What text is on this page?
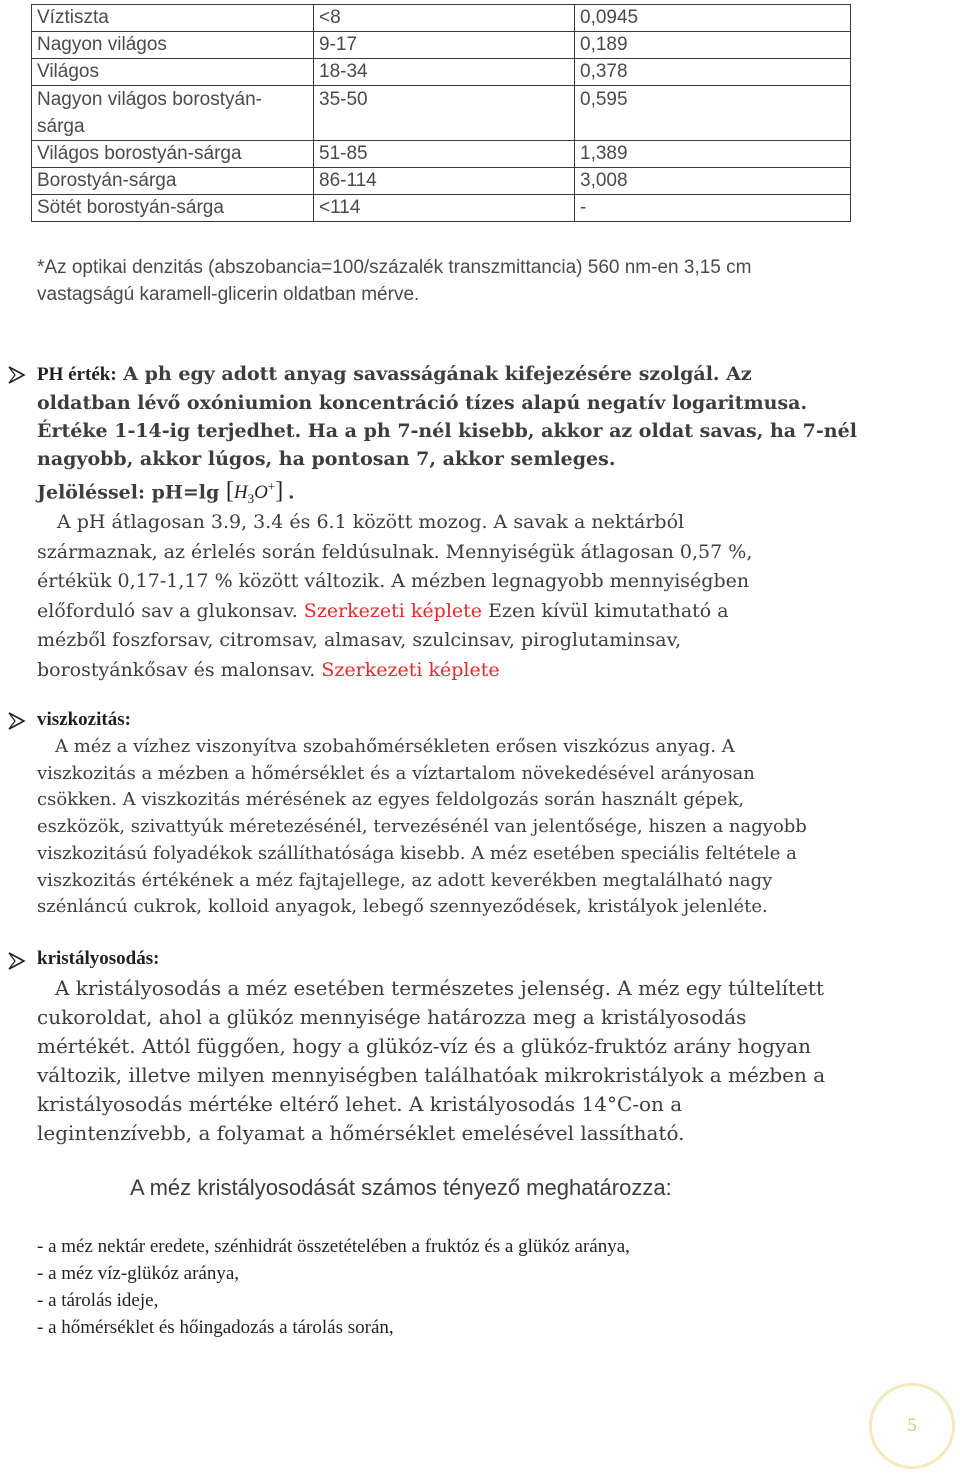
Víztiszta	<8	0,0945
Nagyon világos	9-17	0,189
Világos	18-34	0,378

Nagyon világos borostyán-
sárga	35-50	0,595
Világos borostyán-sárga	51-85	1,389
Borostyán-sárga	86-114	3,008
Sötét borostyán-sárga	<114	-
*Az optikai denzitás (abszobancia=100/százalék transzmittancia) 560 nm-en 3,15 cm
vastagságú karamell-glicerin oldatban mérve.
PH érték: A ph egy adott anyag savasságának kifejezésére szolgál. Az
oldatban lévő oxóniumion koncentráció tízes alapú negatív logaritmusa.
Értéke 1-14-ig terjedhet. Ha a ph 7-nél kisebb, akkor az oldat savas, ha 7-nél
nagyobb, akkor lúgos, ha pontosan 7, akkor semleges.
Jelöléssel: pH=lg $[H_3O^+]$ .
A pH átlagosan 3.9, 3.4 és 6.1 között mozog. A savak a nektárból
származnak, az érlelés során feldúsulnak. Mennyiségük átlagosan 0,57 %,
értékük 0,17-1,17 % között változik. A mézben legnagyobb mennyiségben
előforduló sav a glukonsav. Szerkezeti képlete Ezen kívül kimutatható a
mézből foszforsav, citromsav, almasav, szulcinsav, piroglutaminsav,
borostyánkősav és malonsav. Szerkezeti képlete
viszkozitás:
A méz a vízhez viszonyítva szobahőmérsékleten erősen viszkózus anyag. A
viszkozitás a mézben a hőmérséklet és a víztartalom növekedésével arányosan
csökken. A viszkozitás mérésének az egyes feldolgozás során használt gépek,
eszközök, szivattyúk méretezésénél, tervezésénél van jelentősége, hiszen a nagyobb
viszkozitású folyadékok szállíthatósága kisebb. A méz esetében speciális feltétele a
viszkozitás értékének a méz fajtajellege, az adott keverékben megtalálható nagy
szénláncú cukrok, kolloid anyagok, lebegő szennyeződések, kristályok jelenléte.
kristályosodás:
A kristályosodás a méz esetében természetes jelenség. A méz egy túltelített
cukoroldat, ahol a glükóz mennyisége határozza meg a kristályosodás
mértékét. Attól függően, hogy a glükóz-víz és a glükóz-fruktóz arány hogyan
változik, illetve milyen mennyiségben találhatóak mikrokristályok a mézben a
kristályosodás mértéke eltérő lehet. A kristályosodás 14°C-on a
legintenzívebb, a folyamat a hőmérséklet emelésével lassítható.
A méz kristályosodását számos tényező meghatározza:
- a méz nektár eredete, szénhidrát összetételében a fruktóz és a glükóz aránya,
- a méz víz-glükóz aránya,
- a tárolás ideje,
- a hőmérséklet és hőingadozás a tárolás során,
5
